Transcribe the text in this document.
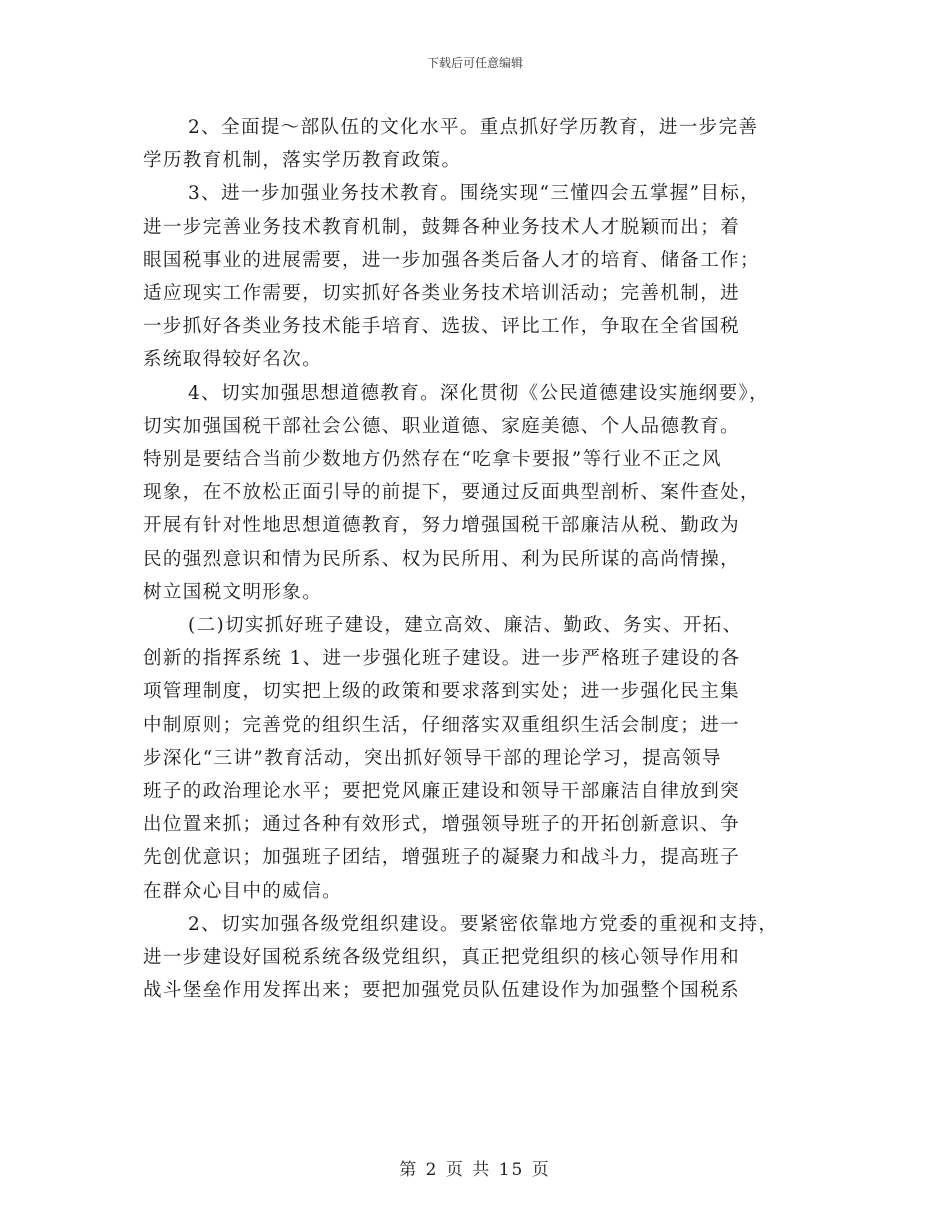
下载后可任意编辑

2、全面提～部队伍的文化水平。重点抓好学历教育，进一步完善
学历教育机制，落实学历教育政策。

3、进一步加强业务技术教育。围绕实现“三懂四会五掌握”目标，
进一步完善业务技术教育机制，鼓舞各种业务技术人才脱颖而出；着
眼国税事业的进展需要，进一步加强各类后备人才的培育、储备工作；
适应现实工作需要，切实抓好各类业务技术培训活动；完善机制，进
一步抓好各类业务技术能手培育、选拔、评比工作，争取在全省国税
系统取得较好名次。

4、切实加强思想道德教育。深化贯彻《公民道德建设实施纲要》，
切实加强国税干部社会公德、职业道德、家庭美德、个人品德教育。
特别是要结合当前少数地方仍然存在“吃拿卡要报”等行业不正之风
现象，在不放松正面引导的前提下，要通过反面典型剖析、案件查处，
开展有针对性地思想道德教育，努力增强国税干部廉洁从税、勤政为
民的强烈意识和情为民所系、权为民所用、利为民所谋的高尚情操，
树立国税文明形象。

(二)切实抓好班子建设，建立高效、廉洁、勤政、务实、开拓、
创新的指挥系统 1、进一步强化班子建设。进一步严格班子建设的各
项管理制度，切实把上级的政策和要求落到实处；进一步强化民主集
中制原则；完善党的组织生活，仔细落实双重组织生活会制度；进一
步深化“三讲”教育活动，突出抓好领导干部的理论学习，提高领导
班子的政治理论水平；要把党风廉正建设和领导干部廉洁自律放到突
出位置来抓；通过各种有效形式，增强领导班子的开拓创新意识、争
先创优意识；加强班子团结，增强班子的凝聚力和战斗力，提高班子
在群众心目中的威信。

2、切实加强各级党组织建设。要紧密依靠地方党委的重视和支持，
进一步建设好国税系统各级党组织，真正把党组织的核心领导作用和
战斗堡垒作用发挥出来；要把加强党员队伍建设作为加强整个国税系

第 2 页 共 15 页
